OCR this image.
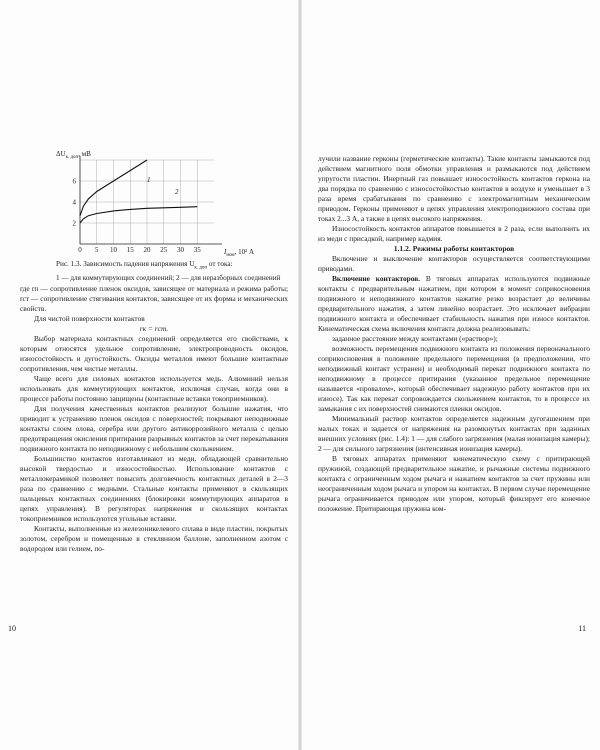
0 5 10 15 20 25 30 35
2
4
6
$\Delta U_{к. доп}$, мВ
$I_{ном}$, 10² А
1
2
Рис. 1.3. Зависимость падения напряжения $U_{к. доп}$ от тока:
1 — для коммутирующих соединений; 2 — для неразборных соединений

где rп — сопротивление пленок оксидов, зависящее от материала и режима работы; rст — сопротивление стягивания контактов, зависящее от их формы и механических свойств.

Для чистой поверхности контактов

rк = rст.

Выбор материала контактных соединений определяется его свойствами, к которым относятся удельное сопротивление, электропроводность оксидов, износостойкость и дугостойкость. Оксиды металлов имеют большие контактные сопротивления, чем чистые металлы.

Чаще всего для силовых контактов используется медь. Алюминий нельзя использовать для коммутирующих контактов, исключая случаи, когда они в процессе работы постоянно защищены (контактные вставки токоприемников).

Для получения качественных контактов реализуют большие нажатия, что приводит к устранению пленок оксидов с поверхностей; покрывают неподвижные контакты слоем олова, серебра или другого антикоррозийного металла с целью предотвращения окисления притирания разрывных контактов за счет перекатывания подвижного контакта по неподвижному с небольшим скольжением.

Большинство контактов изготавливают из меди, обладающей сравнительно высокой твердостью и износостойкостью. Использование контактов с металлокерамикой позволяет повысить долговечность контактных деталей в 2—3 раза по сравнению с медными. Стальные контакты применяют в скользящих пальцевых контактных соединениях (блокировки коммутирующих аппаратов в цепях управления). В регуляторах напряжения и скользящих контактах токоприемников используются угольные вставки.

Контакты, выполненные из железоникелевого сплава в виде пластин, покрытых золотом, серебром и помещенные в стеклянном баллоне, заполненном азотом с водородом или гелием, по-

10

лучили название герконы (герметические контакты). Такие контакты замыкаются под действием магнитного поля обмотки управления и размыкаются под действием упругости пластин. Инертный газ повышает износостойкость контактов геркона на два порядка по сравнению с износостойкостью контактов в воздухе и уменьшает в 3 раза время срабатывания по сравнению с электромагнитным механическим приводом. Герконы применяют в цепях управления электроподвижного состава при токах 2...3 А, а также в цепях высокого напряжения.

Износостойкость контактов аппаратов повышается в 2 раза, если выполнить их из меди с присадкой, например кадмия.

1.1.2. Режимы работы контакторов

Включение и выключение контакторов осуществляется соответствующими приводами.

Включение контакторов. В тяговых аппаратах используются подвижные контакты с предварительным нажатием, при котором в момент соприкосновения подвижного и неподвижного контактов нажатие резко возрастает до величины предварительного нажатия, а затем линейно возрастает. Это исключает вибрации подвижного контакта и обеспечивает стабильность нажатия при износе контактов. Кинематическая схема включения контакта должна реализовывать:

заданное расстояние между контактами («раствор»);

возможность перемещения подвижного контакта из положения первоначального соприкосновения в положение предельного перемещения (в предположении, что неподвижный контакт устранен) и необходимый перекат подвижного контакта по неподвижному в процессе притирания (указанное предельное перемещение называется «провалом», который обеспечивает надежную работу контактов при их износе). Так как перекат сопровождается скольжением контактов, то в процессе их замыкания с их поверхностей снимаются пленки оксидов.

Минимальный раствор контактов определяется надежным дугогашением при малых токах и задается от напряжения на разомкнутых контактах при заданных внешних условиях (рис. 1.4): 1 — для слабого загрязнения (малая ионизация камеры); 2 — для сильного загрязнения (интенсивная ионизация камеры).

В тяговых аппаратах применяют кинематическую схему с притирающей пружиной, создающей предварительное нажатие, и рычажные системы подвижного контакта с ограниченным ходом рычага и нажатием контактов за счет пружины или неограниченным ходом рычага и упором на контактах. В первом случае перемещение рычага ограничивается приводом или упором, который фиксирует его конечное положение. Притирающая пружина ком-

11
